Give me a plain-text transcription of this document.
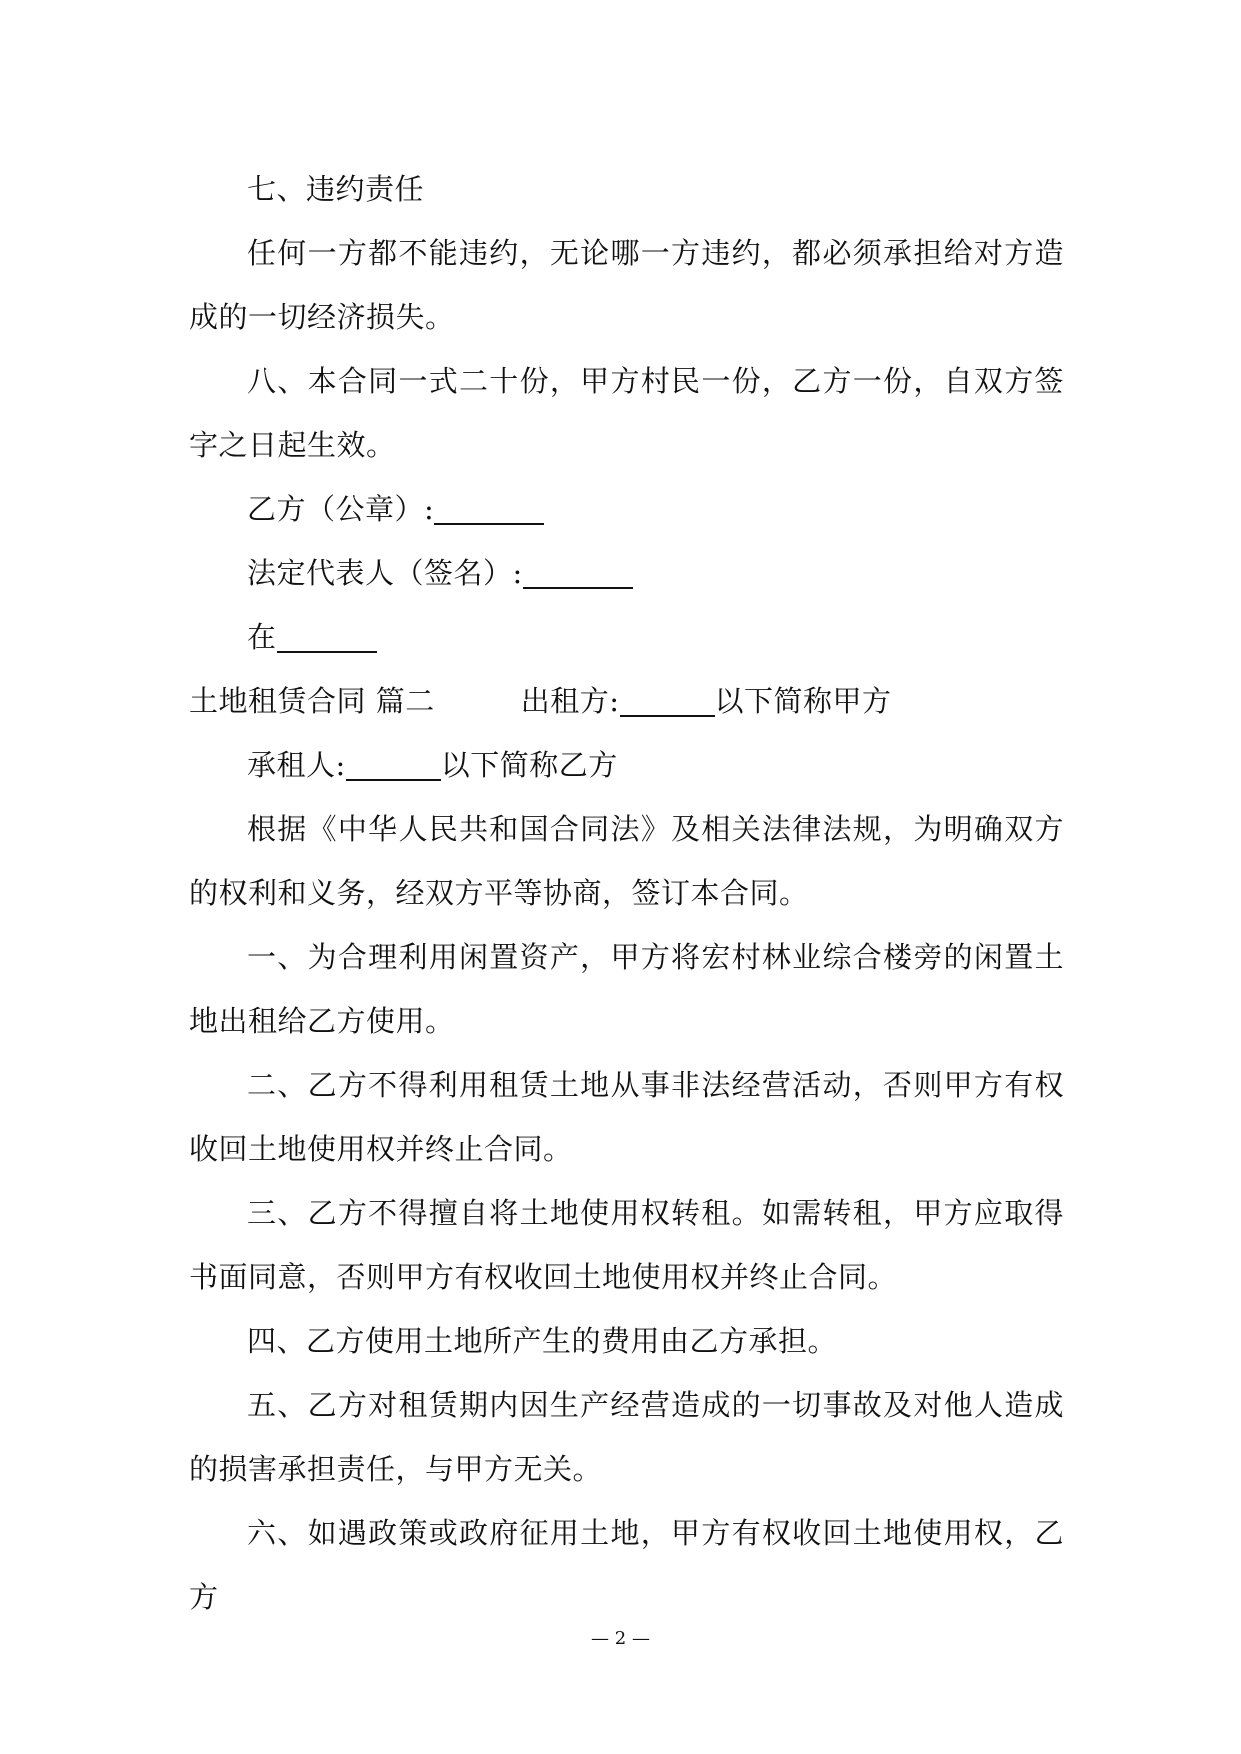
七、违约责任

任何一方都不能违约，无论哪一方违约，都必须承担给对方造成的一切经济损失。

八、本合同一式二十份，甲方村民一份，乙方一份，自双方签字之日起生效。

乙方（公章）:

法定代表人（签名）:

在

土地租赁合同 篇二	出租方:	以下简称甲方

承租人:	以下简称乙方

根据《中华人民共和国合同法》及相关法律法规，为明确双方的权利和义务，经双方平等协商，签订本合同。

一、为合理利用闲置资产，甲方将宏村林业综合楼旁的闲置土地出租给乙方使用。

二、乙方不得利用租赁土地从事非法经营活动，否则甲方有权收回土地使用权并终止合同。

三、乙方不得擅自将土地使用权转租。如需转租，甲方应取得书面同意，否则甲方有权收回土地使用权并终止合同。

四、乙方使用土地所产生的费用由乙方承担。

五、乙方对租赁期内因生产经营造成的一切事故及对他人造成的损害承担责任，与甲方无关。

六、如遇政策或政府征用土地，甲方有权收回土地使用权，乙方

— 2 —
